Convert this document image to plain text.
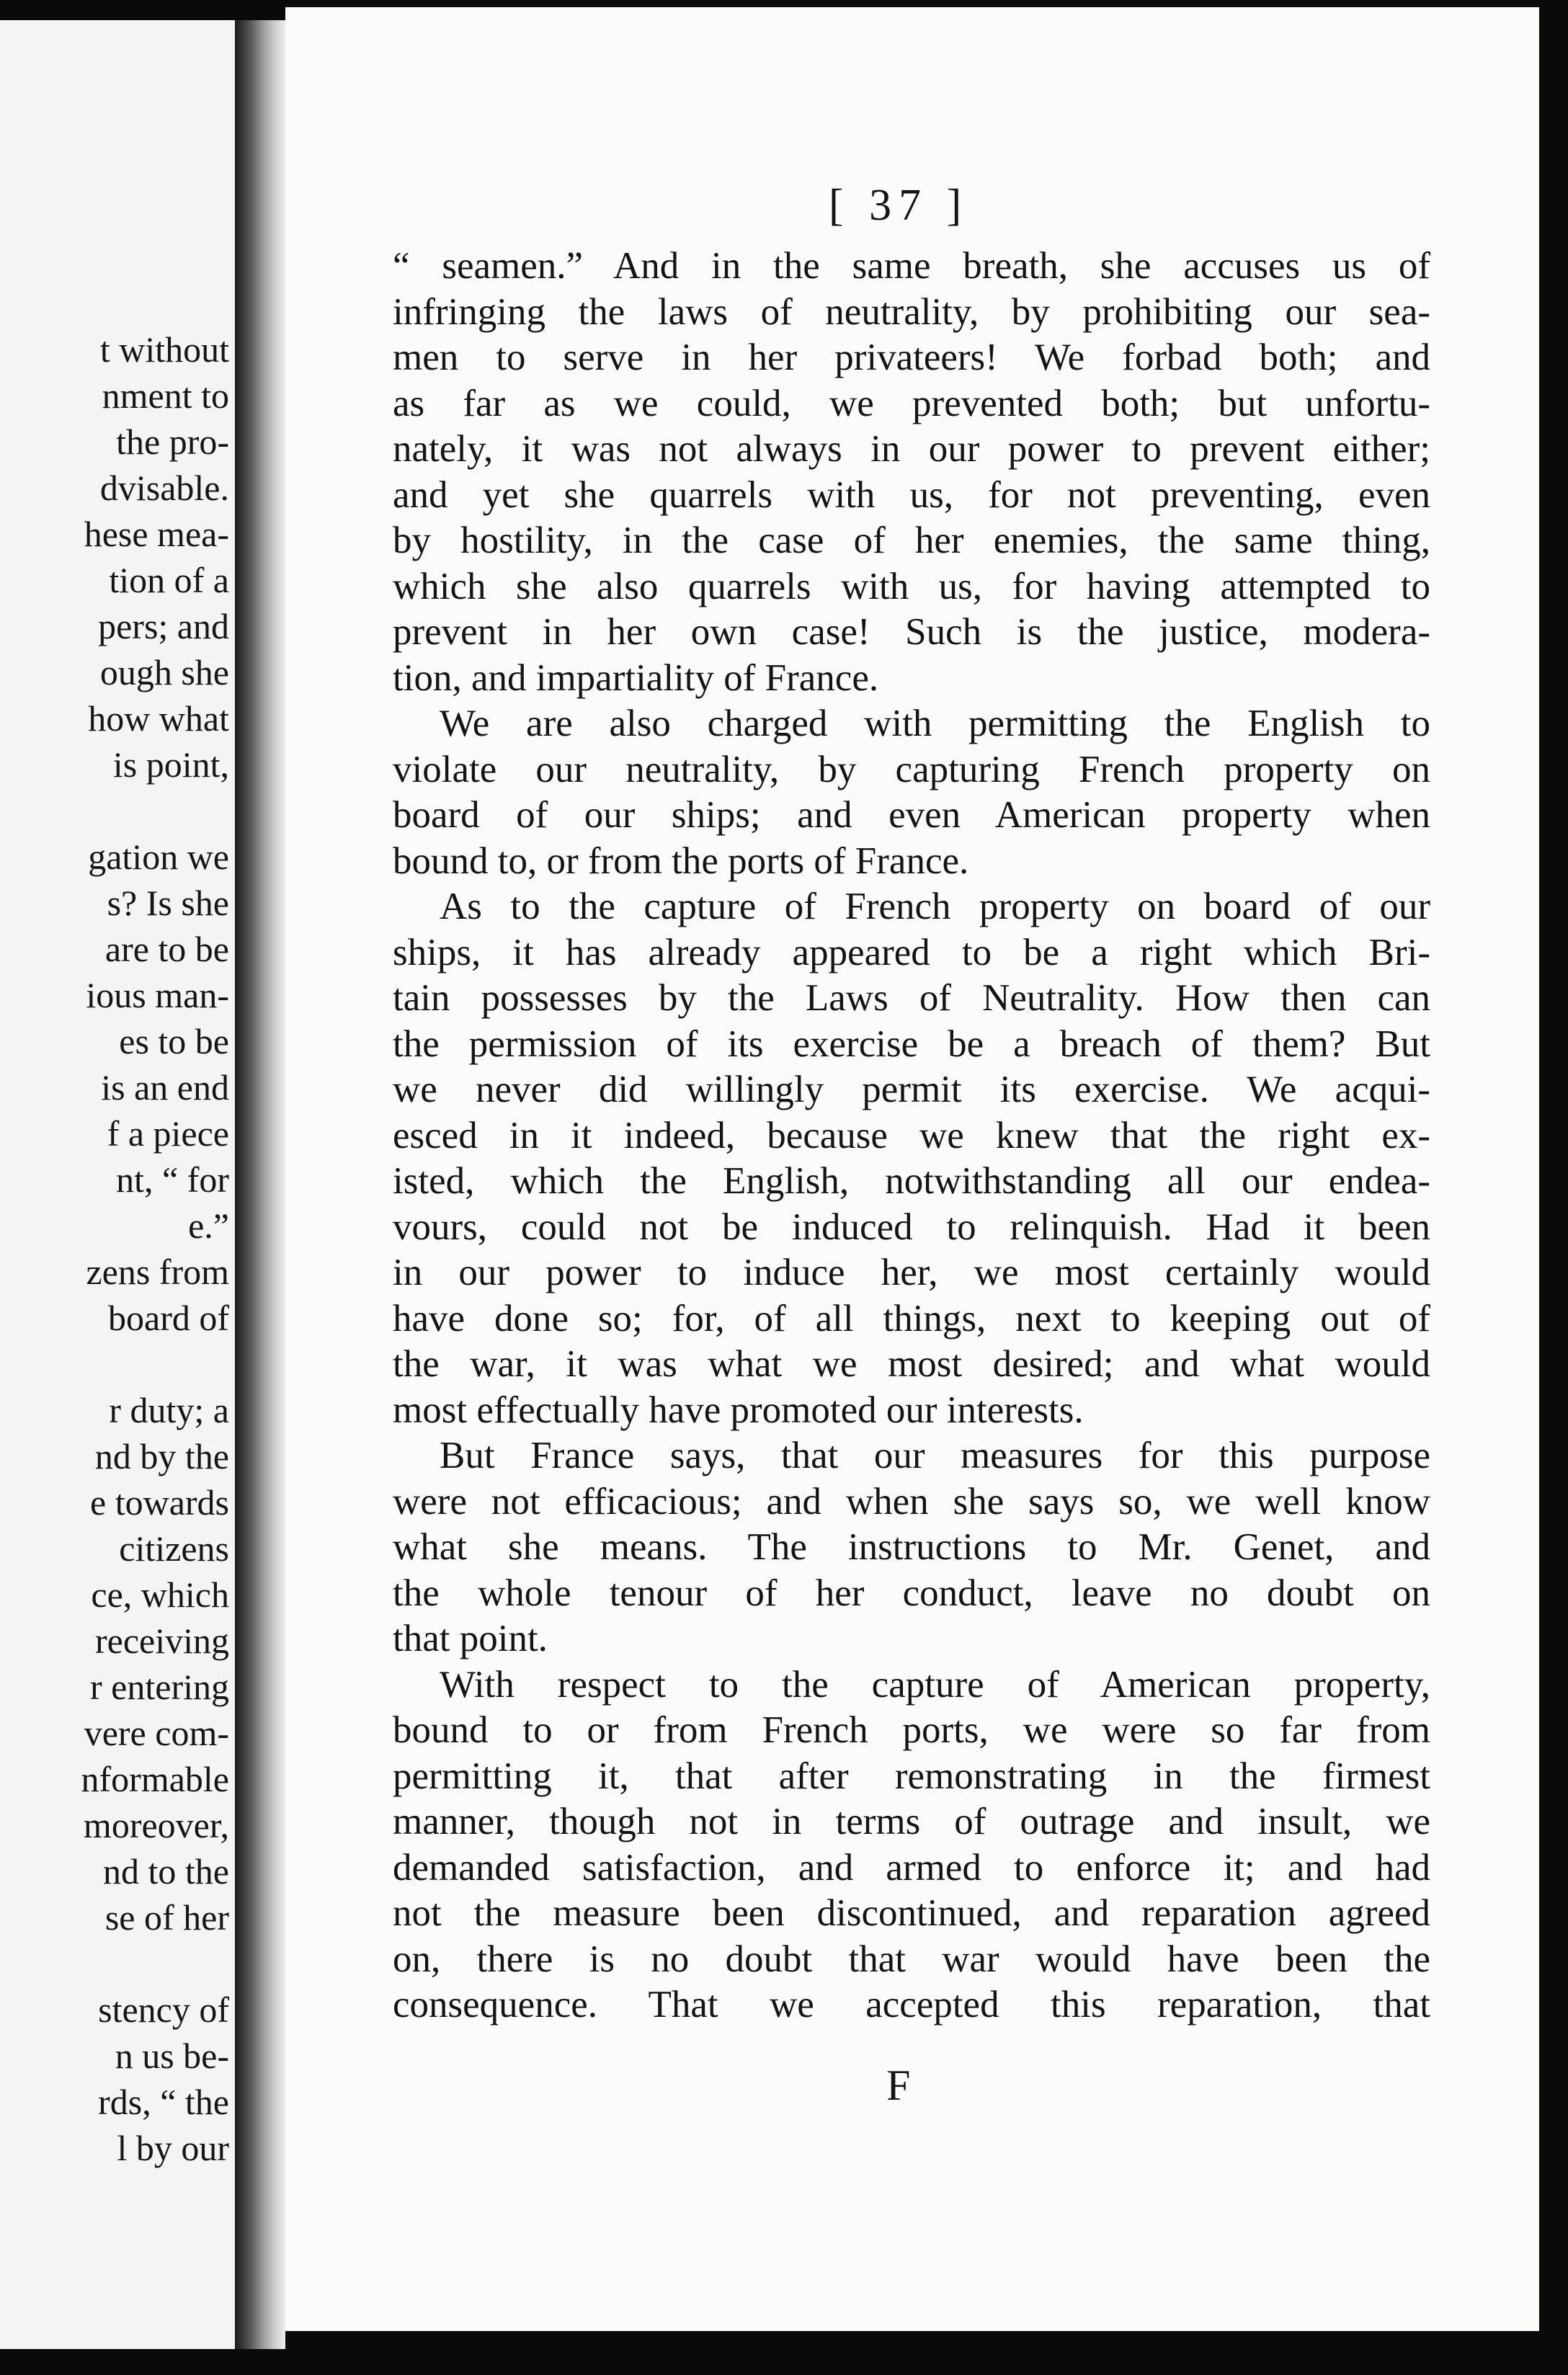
t without
nment to
the pro-
dvisable.
hese mea-
tion of a
pers; and
ough she
how what
is point,
gation we
s? Is she
are to be
ious man-
es to be
is an end
f a piece
nt, “ for
e.”
zens from
board of
r duty; a
nd by the
e towards
citizens
ce, which
receiving
r entering
vere com-
nformable
moreover,
nd to the
se of her
stency of
n us be-
rds, “ the
l by our
[ 37 ]
“ seamen.” And in the same breath, she accuses us of
infringing the laws of neutrality, by prohibiting our sea-
men to serve in her privateers! We forbad both; and
as far as we could, we prevented both; but unfortu-
nately, it was not always in our power to prevent either;
and yet she quarrels with us, for not preventing, even
by hostility, in the case of her enemies, the same thing,
which she also quarrels with us, for having attempted to
prevent in her own case! Such is the justice, modera-
tion, and impartiality of France.
We are also charged with permitting the English to
violate our neutrality, by capturing French property on
board of our ships; and even American property when
bound to, or from the ports of France.
As to the capture of French property on board of our
ships, it has already appeared to be a right which Bri-
tain possesses by the Laws of Neutrality. How then can
the permission of its exercise be a breach of them? But
we never did willingly permit its exercise. We acqui-
esced in it indeed, because we knew that the right ex-
isted, which the English, notwithstanding all our endea-
vours, could not be induced to relinquish. Had it been
in our power to induce her, we most certainly would
have done so; for, of all things, next to keeping out of
the war, it was what we most desired; and what would
most effectually have promoted our interests.
But France says, that our measures for this purpose
were not efficacious; and when she says so, we well know
what she means. The instructions to Mr. Genet, and
the whole tenour of her conduct, leave no doubt on
that point.
With respect to the capture of American property,
bound to or from French ports, we were so far from
permitting it, that after remonstrating in the firmest
manner, though not in terms of outrage and insult, we
demanded satisfaction, and armed to enforce it; and had
not the measure been discontinued, and reparation agreed
on, there is no doubt that war would have been the
consequence. That we accepted this reparation, that
F
